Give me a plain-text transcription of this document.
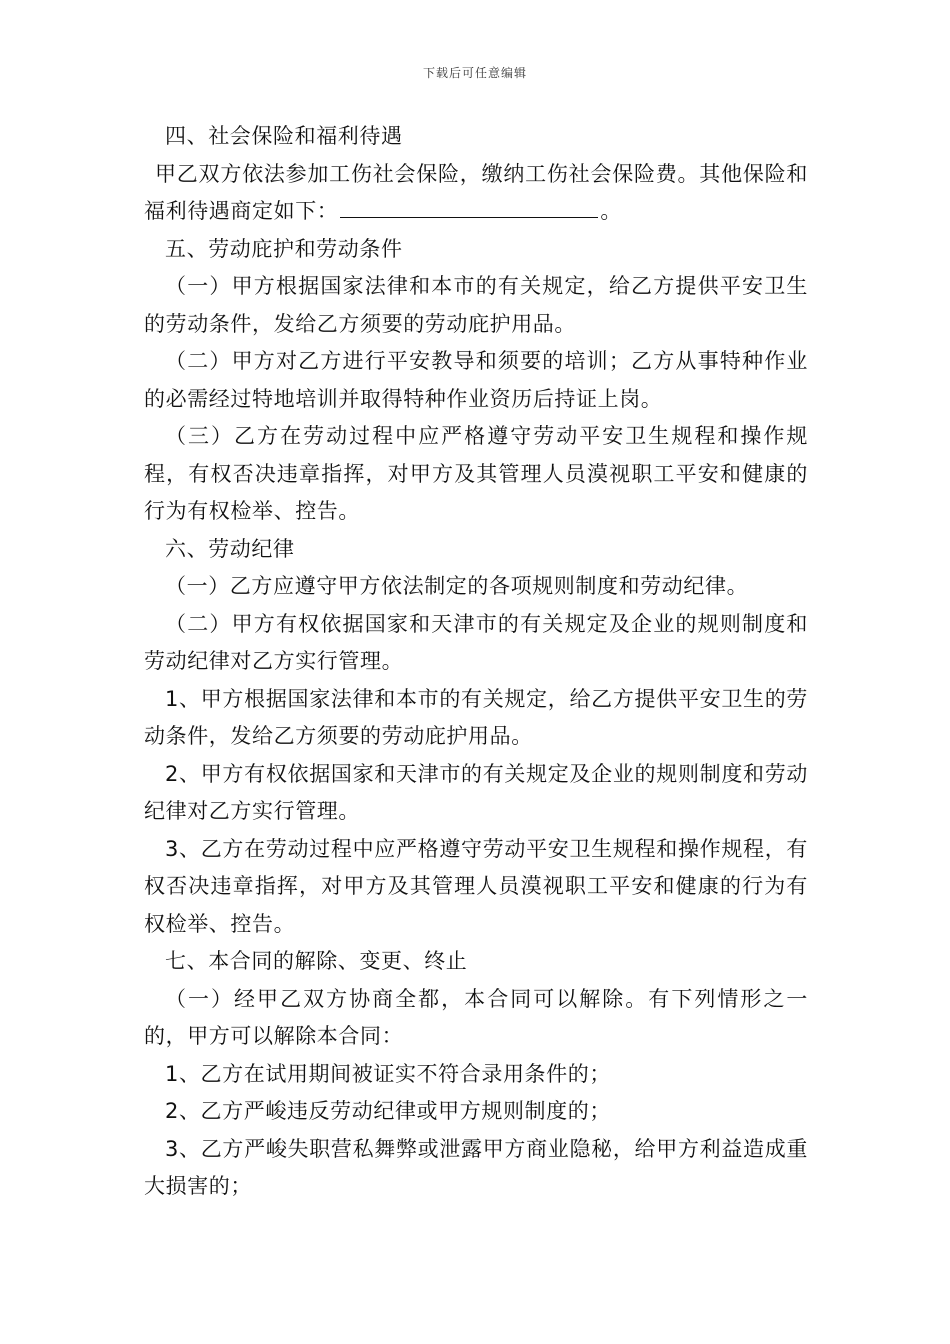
下载后可任意编辑

四、社会保险和福利待遇

甲乙双方依法参加工伤社会保险，缴纳工伤社会保险费。其他保险和福利待遇商定如下：	。

五、劳动庇护和劳动条件

（一）甲方根据国家法律和本市的有关规定，给乙方提供平安卫生的劳动条件，发给乙方须要的劳动庇护用品。

（二）甲方对乙方进行平安教导和须要的培训；乙方从事特种作业的必需经过特地培训并取得特种作业资历后持证上岗。

（三）乙方在劳动过程中应严格遵守劳动平安卫生规程和操作规程，有权否决违章指挥，对甲方及其管理人员漠视职工平安和健康的行为有权检举、控告。

六、劳动纪律

（一）乙方应遵守甲方依法制定的各项规则制度和劳动纪律。

（二）甲方有权依据国家和天津市的有关规定及企业的规则制度和劳动纪律对乙方实行管理。

1、甲方根据国家法律和本市的有关规定，给乙方提供平安卫生的劳动条件，发给乙方须要的劳动庇护用品。

2、甲方有权依据国家和天津市的有关规定及企业的规则制度和劳动纪律对乙方实行管理。

3、乙方在劳动过程中应严格遵守劳动平安卫生规程和操作规程，有权否决违章指挥，对甲方及其管理人员漠视职工平安和健康的行为有权检举、控告。

七、本合同的解除、变更、终止

（一）经甲乙双方协商全都，本合同可以解除。有下列情形之一的，甲方可以解除本合同：

1、乙方在试用期间被证实不符合录用条件的；

2、乙方严峻违反劳动纪律或甲方规则制度的；

3、乙方严峻失职营私舞弊或泄露甲方商业隐秘，给甲方利益造成重大损害的；
